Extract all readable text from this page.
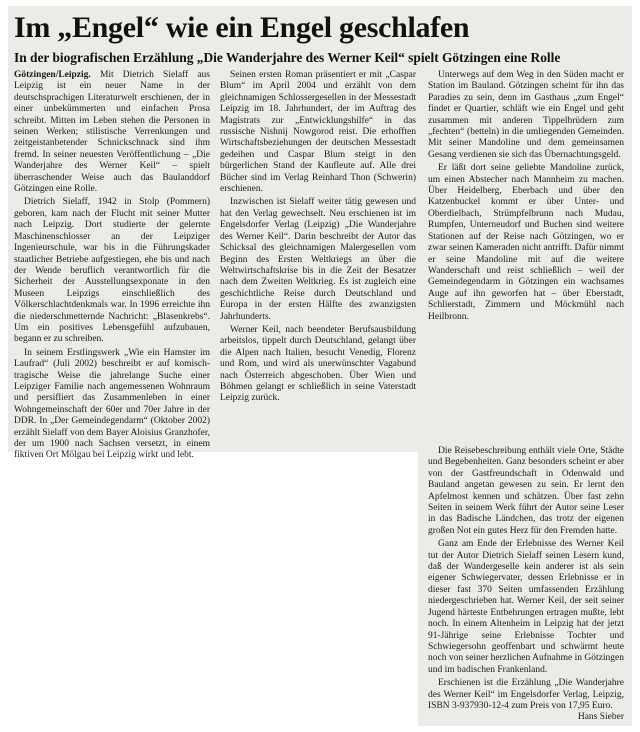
Im „Engel“ wie ein Engel geschlafen
In der biografischen Erzählung „Die Wanderjahre des Werner Keil“ spielt Götzingen eine Rolle

Götzingen/Leipzig. Mit Dietrich Sielaff aus Leipzig ist ein neuer Name in der deutschsprachigen Literaturwelt erschienen, der in einer unbekümmerten und einfachen Prosa schreibt. Mitten im Leben stehen die Personen in seinen Werken; stilistische Verrenkungen und zeitgeistanbetender Schnickschnack sind ihm fremd. In seiner neuesten Veröffentlichung – „Die Wanderjahre des Werner Keil“ – spielt überraschender Weise auch das Baulanddorf Götzingen eine Rolle.

Dietrich Sielaff, 1942 in Stolp (Pommern) geboren, kam nach der Flucht mit seiner Mutter nach Leipzig. Dort studierte der gelernte Maschinenschlosser an der Leipziger Ingenieurschule, war bis in die Führungskader staatlicher Betriebe aufgestiegen, ehe bis und nach der Wende beruflich verantwortlich für die Sicherheit der Ausstellungsexponate in den Museen Leipzigs einschließlich des Völkerschlachtdenkmals war. In 1996 erreichte ihn die niederschmetternde Nachricht: „Blasenkrebs“. Um ein positives Lebensgefühl aufzubauen, begann er zu schreiben.

In seinem Erstlingswerk „Wie ein Hamster im Laufrad“ (Juli 2002) beschreibt er auf komisch-tragische Weise die jahrelange Suche einer Leipziger Familie nach angemessenen Wohnraum und persifliert das Zusammenleben in einer Wohngemeinschaft der 60er und 70er Jahre in der DDR. In „Der Gemeindegendarm“ (Oktober 2002) erzählt Sielaff von dem Bayer Aloisius Granzhofer, der um 1900 nach Sachsen versetzt, in einem fiktiven Ort Mölgau bei Leipzig wirkt und lebt.

Seinen ersten Roman präsentiert er mit „Caspar Blum“ im April 2004 und erzählt von dem gleichnamigen Schlossergesellen in der Messestadt Leipzig im 18. Jahrhundert, der im Auftrag des Magistrats zur „Entwicklungshilfe“ in das russische Nishnij Nowgorod reist. Die erhofften Wirtschaftsbeziehungen der deutschen Messestadt gedeihen und Caspar Blum steigt in den bürgerlichen Stand der Kaufleute auf. Alle drei Bücher sind im Verlag Reinhard Thon (Schwerin) erschienen.

Inzwischen ist Sielaff weiter tätig gewesen und hat den Verlag gewechselt. Neu erschienen ist im Engelsdorfer Verlag (Leipzig) „Die Wanderjahre des Werner Keil“. Darin beschreibt der Autor das Schicksal des gleichnamigen Malergesellen vom Beginn des Ersten Weltkriegs an über die Weltwirtschaftskrise bis in die Zeit der Besatzer nach dem Zweiten Weltkrieg. Es ist zugleich eine geschichtliche Reise durch Deutschland und Europa in der ersten Hälfte des zwanzigsten Jahrhunderts.

Werner Keil, nach beendeter Berufsausbildung arbeitslos, tippelt durch Deutschland, gelangt über die Alpen nach Italien, besucht Venedig, Florenz und Rom, und wird als unerwünschter Vagabund nach Österreich abgeschoben. Über Wien und Böhmen gelangt er schließlich in seine Vaterstadt Leipzig zurück.

Unterwegs auf dem Weg in den Süden macht er Station im Bauland. Götzingen scheint für ihn das Paradies zu sein, denn im Gasthaus „zum Engel“ findet er Quartier, schläft wie ein Engel und geht zusammen mit anderen Tippelbrüdern zum „fechten“ (betteln) in die umliegenden Gemeinden. Mit seiner Mandoline und dem gemeinsamen Gesang verdienen sie sich das Übernachtungsgeld.

Er läßt dort seine geliebte Mandoline zurück, um einen Abstecher nach Mannheim zu machen. Über Heidelberg, Eberbach und über den Katzenbuckel kommt er über Unter- und Oberdielbach, Strümpfelbrunn nach Mudau, Rumpfen, Unterneudorf und Buchen sind weitere Stationen auf der Reise nach Götzingen, wo er zwar seinen Kameraden nicht antrifft. Dafür nimmt er seine Mandoline mit auf die weitere Wanderschaft und reist schließlich – weil der Gemeindegendarm in Götzingen ein wachsames Auge auf ihn geworfen hat – über Eberstadt, Schlierstadt, Zimmern und Möckmühl nach Heilbronn.

Die Reisebeschreibung enthält viele Orte, Städte und Begebenheiten. Ganz besonders scheint er aber von der Gastfreundschaft in Odenwald und Bauland angetan gewesen zu sein. Er lernt den Apfelmost kennen und schätzen. Über fast zehn Seiten in seinem Werk führt der Autor seine Leser in das Badische Ländchen, das trotz der eigenen großen Not ein gutes Herz für den Fremden hatte.

Ganz am Ende der Erlebnisse des Werner Keil tut der Autor Dietrich Sielaff seinen Lesern kund, daß der Wandergeselle kein anderer ist als sein eigener Schwiegervater, dessen Erlebnisse er in dieser fast 370 Seiten umfassenden Erzählung niedergeschrieben hat. Werner Keil, der seit seiner Jugend härteste Entbehrungen ertragen mußte, lebt noch. In einem Altenheim in Leipzig hat der jetzt 91-Jährige seine Erlebnisse Tochter und Schwiegersohn geoffenbart und schwärmt heute noch von seiner herzlichen Aufnahme in Götzingen und im badischen Frankenland.

Erschienen ist die Erzählung „Die Wanderjahre des Werner Keil“ im Engelsdorfer Verlag, Leipzig, ISBN 3-937930-12-4 zum Preis von 17,95 Euro.
Hans Sieber
